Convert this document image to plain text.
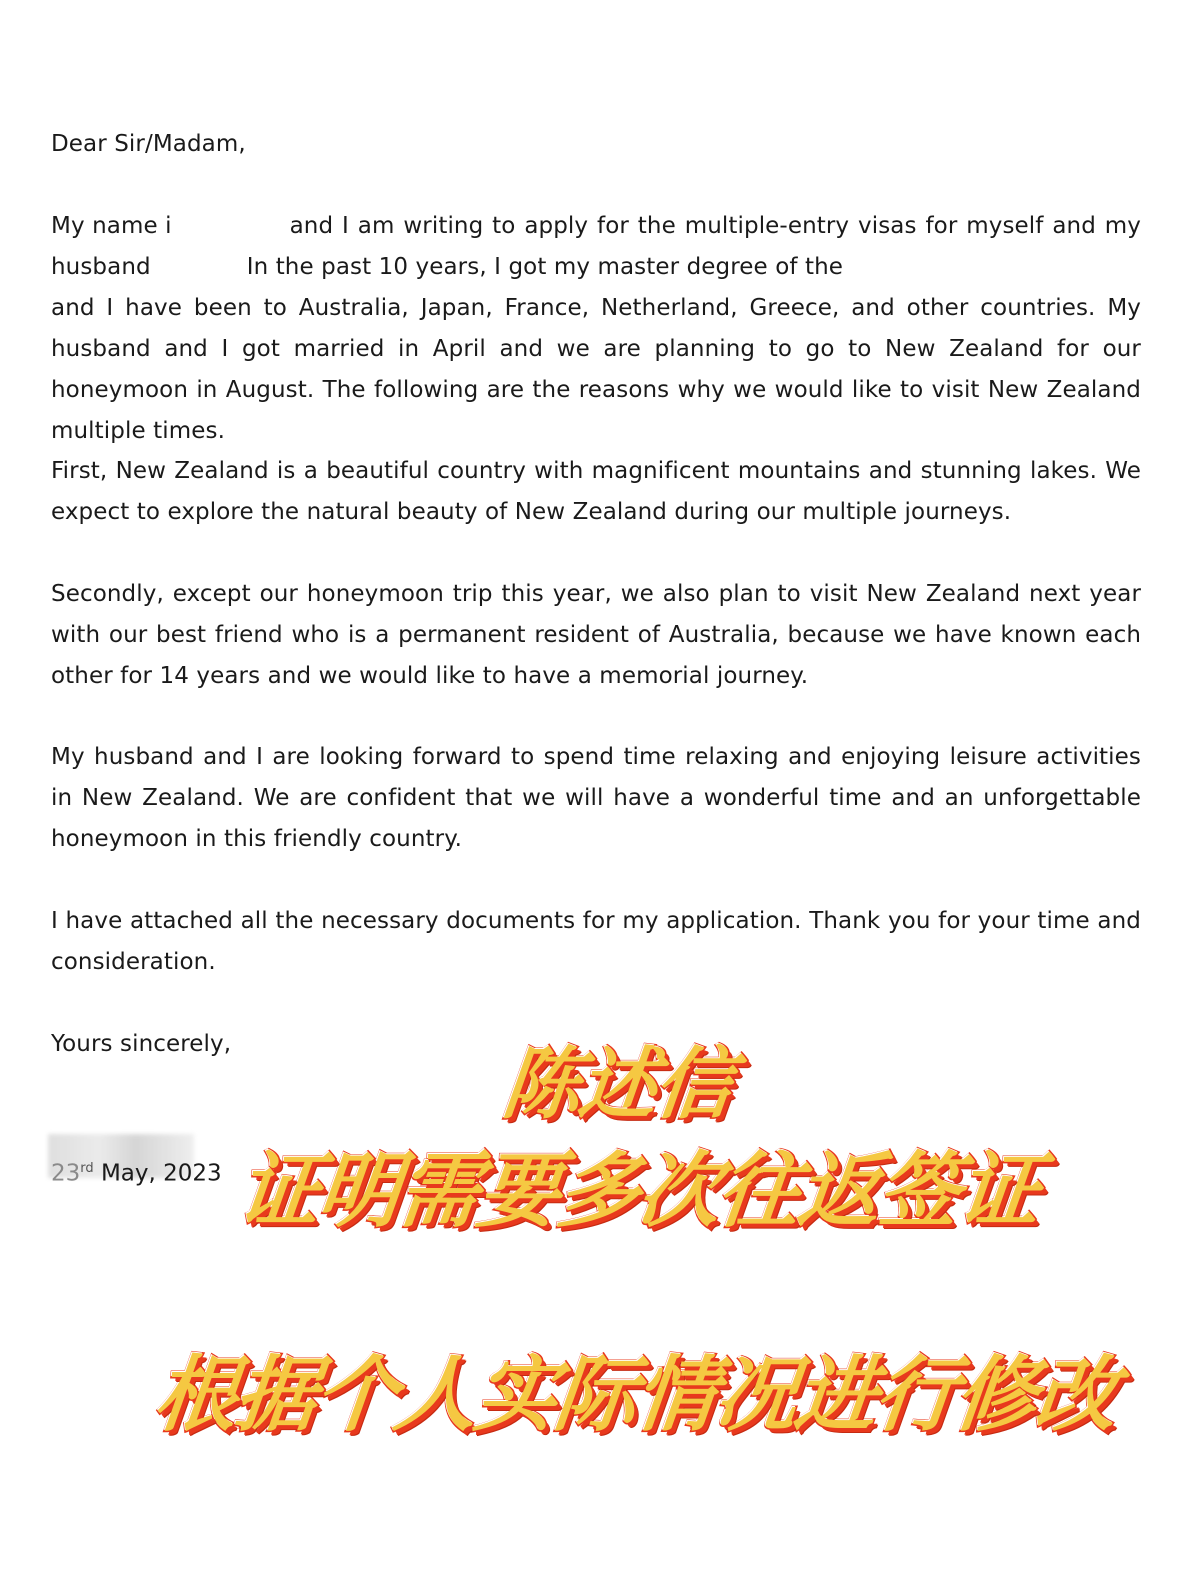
Dear Sir/Madam,

My name i	and I am writing to apply for the multiple-entry visas for myself and my
husband	In the past 10 years, I got my master degree of the
and I have been to Australia, Japan, France, Netherland, Greece, and other countries. My husband and I got married in April and we are planning to go to New Zealand for our honeymoon in August. The following are the reasons why we would like to visit New Zealand multiple times.

First, New Zealand is a beautiful country with magnificent mountains and stunning lakes. We expect to explore the natural beauty of New Zealand during our multiple journeys.

Secondly, except our honeymoon trip this year, we also plan to visit New Zealand next year with our best friend who is a permanent resident of Australia, because we have known each other for 14 years and we would like to have a memorial journey.

My husband and I are looking forward to spend time relaxing and enjoying leisure activities in New Zealand. We are confident that we will have a wonderful time and an unforgettable honeymoon in this friendly country.

I have attached all the necessary documents for my application. Thank you for your time and consideration.

Yours sincerely,

23rd May, 2023
陈述信
证明需要多次往返签证
根据个人实际情况进行修改
